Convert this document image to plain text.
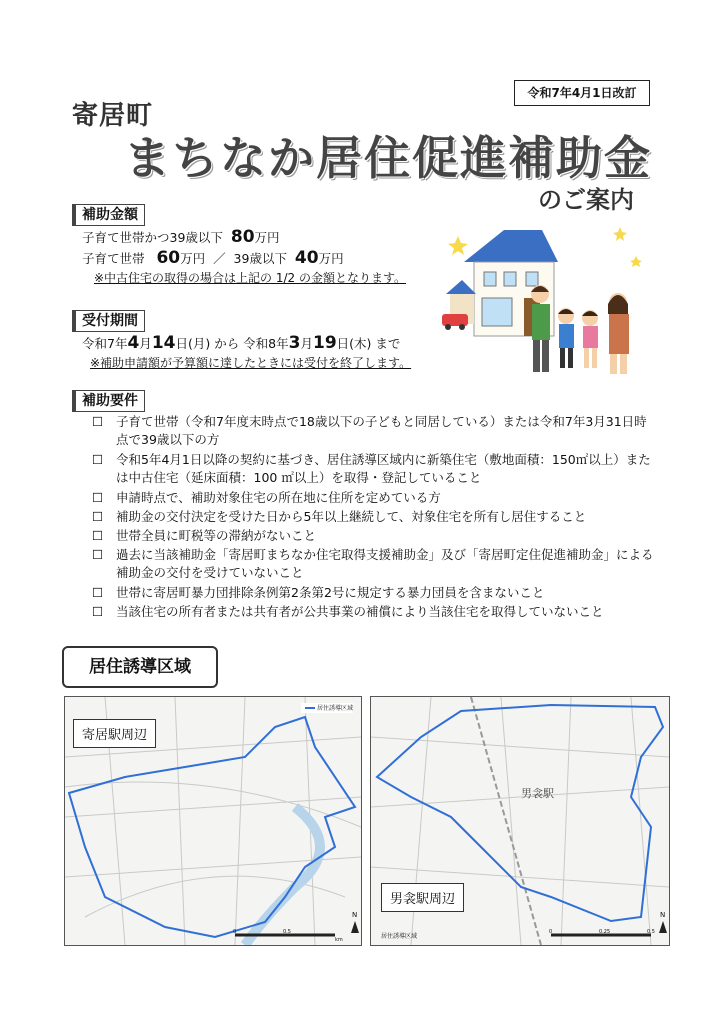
令和7年4月1日改訂
寄居町
まちなか居住促進補助金
のご案内
補助金額
子育て世帯かつ39歳以下 80万円
子育て世帯 60万円 ／ 39歳以下 40万円
※中古住宅の取得の場合は上記の 1/2 の金額となります。
受付期間
令和7年4月14日(月) から 令和8年3月19日(木) まで
※補助申請額が予算額に達したときには受付を終了します。
補助要件
☐ 子育て世帯（令和7年度末時点で18歳以下の子どもと同居している）または令和7年3月31日時点で39歳以下の方
☐ 令和5年4月1日以降の契約に基づき、居住誘導区域内に新築住宅（敷地面積：150㎡以上）または中古住宅（延床面積：100 ㎡以上）を取得・登記していること
☐ 申請時点で、補助対象住宅の所在地に住所を定めている方
☐ 補助金の交付決定を受けた日から5年以上継続して、対象住宅を所有し居住すること
☐ 世帯全員に町税等の滞納がないこと
☐ 過去に当該補助金「寄居町まちなか住宅取得支援補助金」及び「寄居町定住促進補助金」による補助金の交付を受けていないこと
☐ 世帯に寄居町暴力団排除条例第2条第2号に規定する暴力団員を含まないこと
☐ 当該住宅の所有者または共有者が公共事業の補償により当該住宅を取得していないこと
居住誘導区域
寄居駅周辺
居住誘導区域
0	0.5
km
N
男衾駅
男衾駅周辺
居住誘導区域
0	0.25	0.5
N
